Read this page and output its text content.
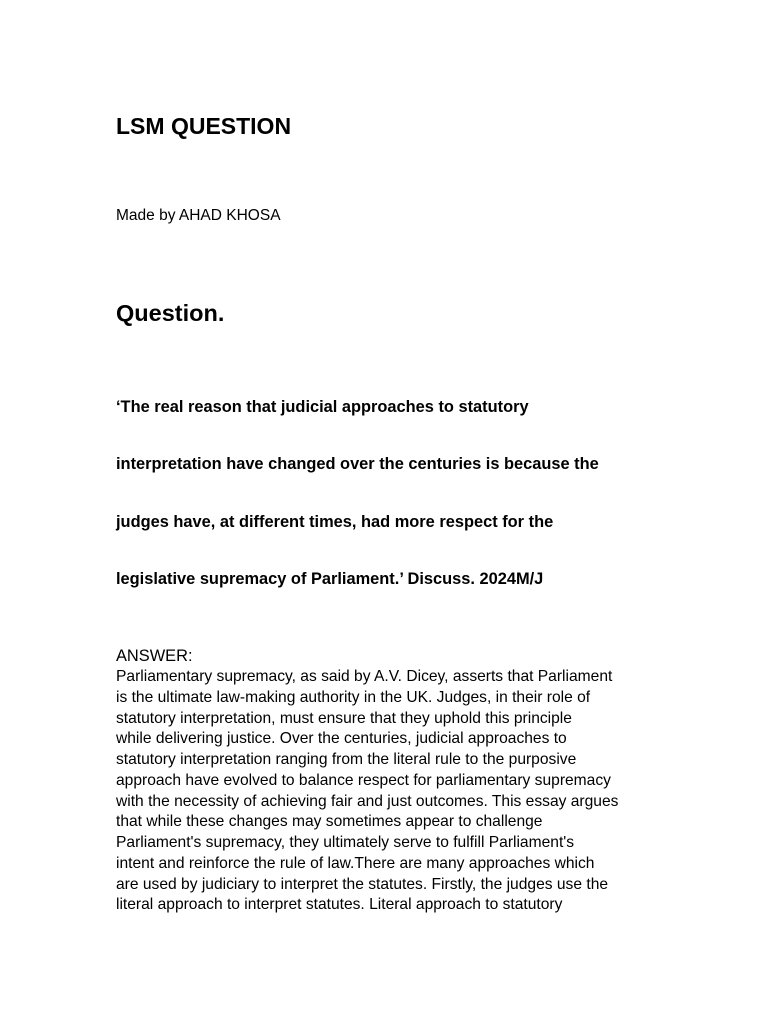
LSM QUESTION

Made by AHAD KHOSA

Question.
‘The real reason that judicial approaches to statutory
interpretation have changed over the centuries is because the
judges have, at different times, had more respect for the
legislative supremacy of Parliament.’ Discuss. 2024M/J

ANSWER:

Parliamentary supremacy, as said by A.V. Dicey, asserts that Parliament
is the ultimate law-making authority in the UK. Judges, in their role of
statutory interpretation, must ensure that they uphold this principle
while delivering justice. Over the centuries, judicial approaches to
statutory interpretation ranging from the literal rule to the purposive
approach have evolved to balance respect for parliamentary supremacy
with the necessity of achieving fair and just outcomes. This essay argues
that while these changes may sometimes appear to challenge
Parliament's supremacy, they ultimately serve to fulfill Parliament's
intent and reinforce the rule of law.There are many approaches which
are used by judiciary to interpret the statutes. Firstly, the judges use the
literal approach to interpret statutes. Literal approach to statutory
